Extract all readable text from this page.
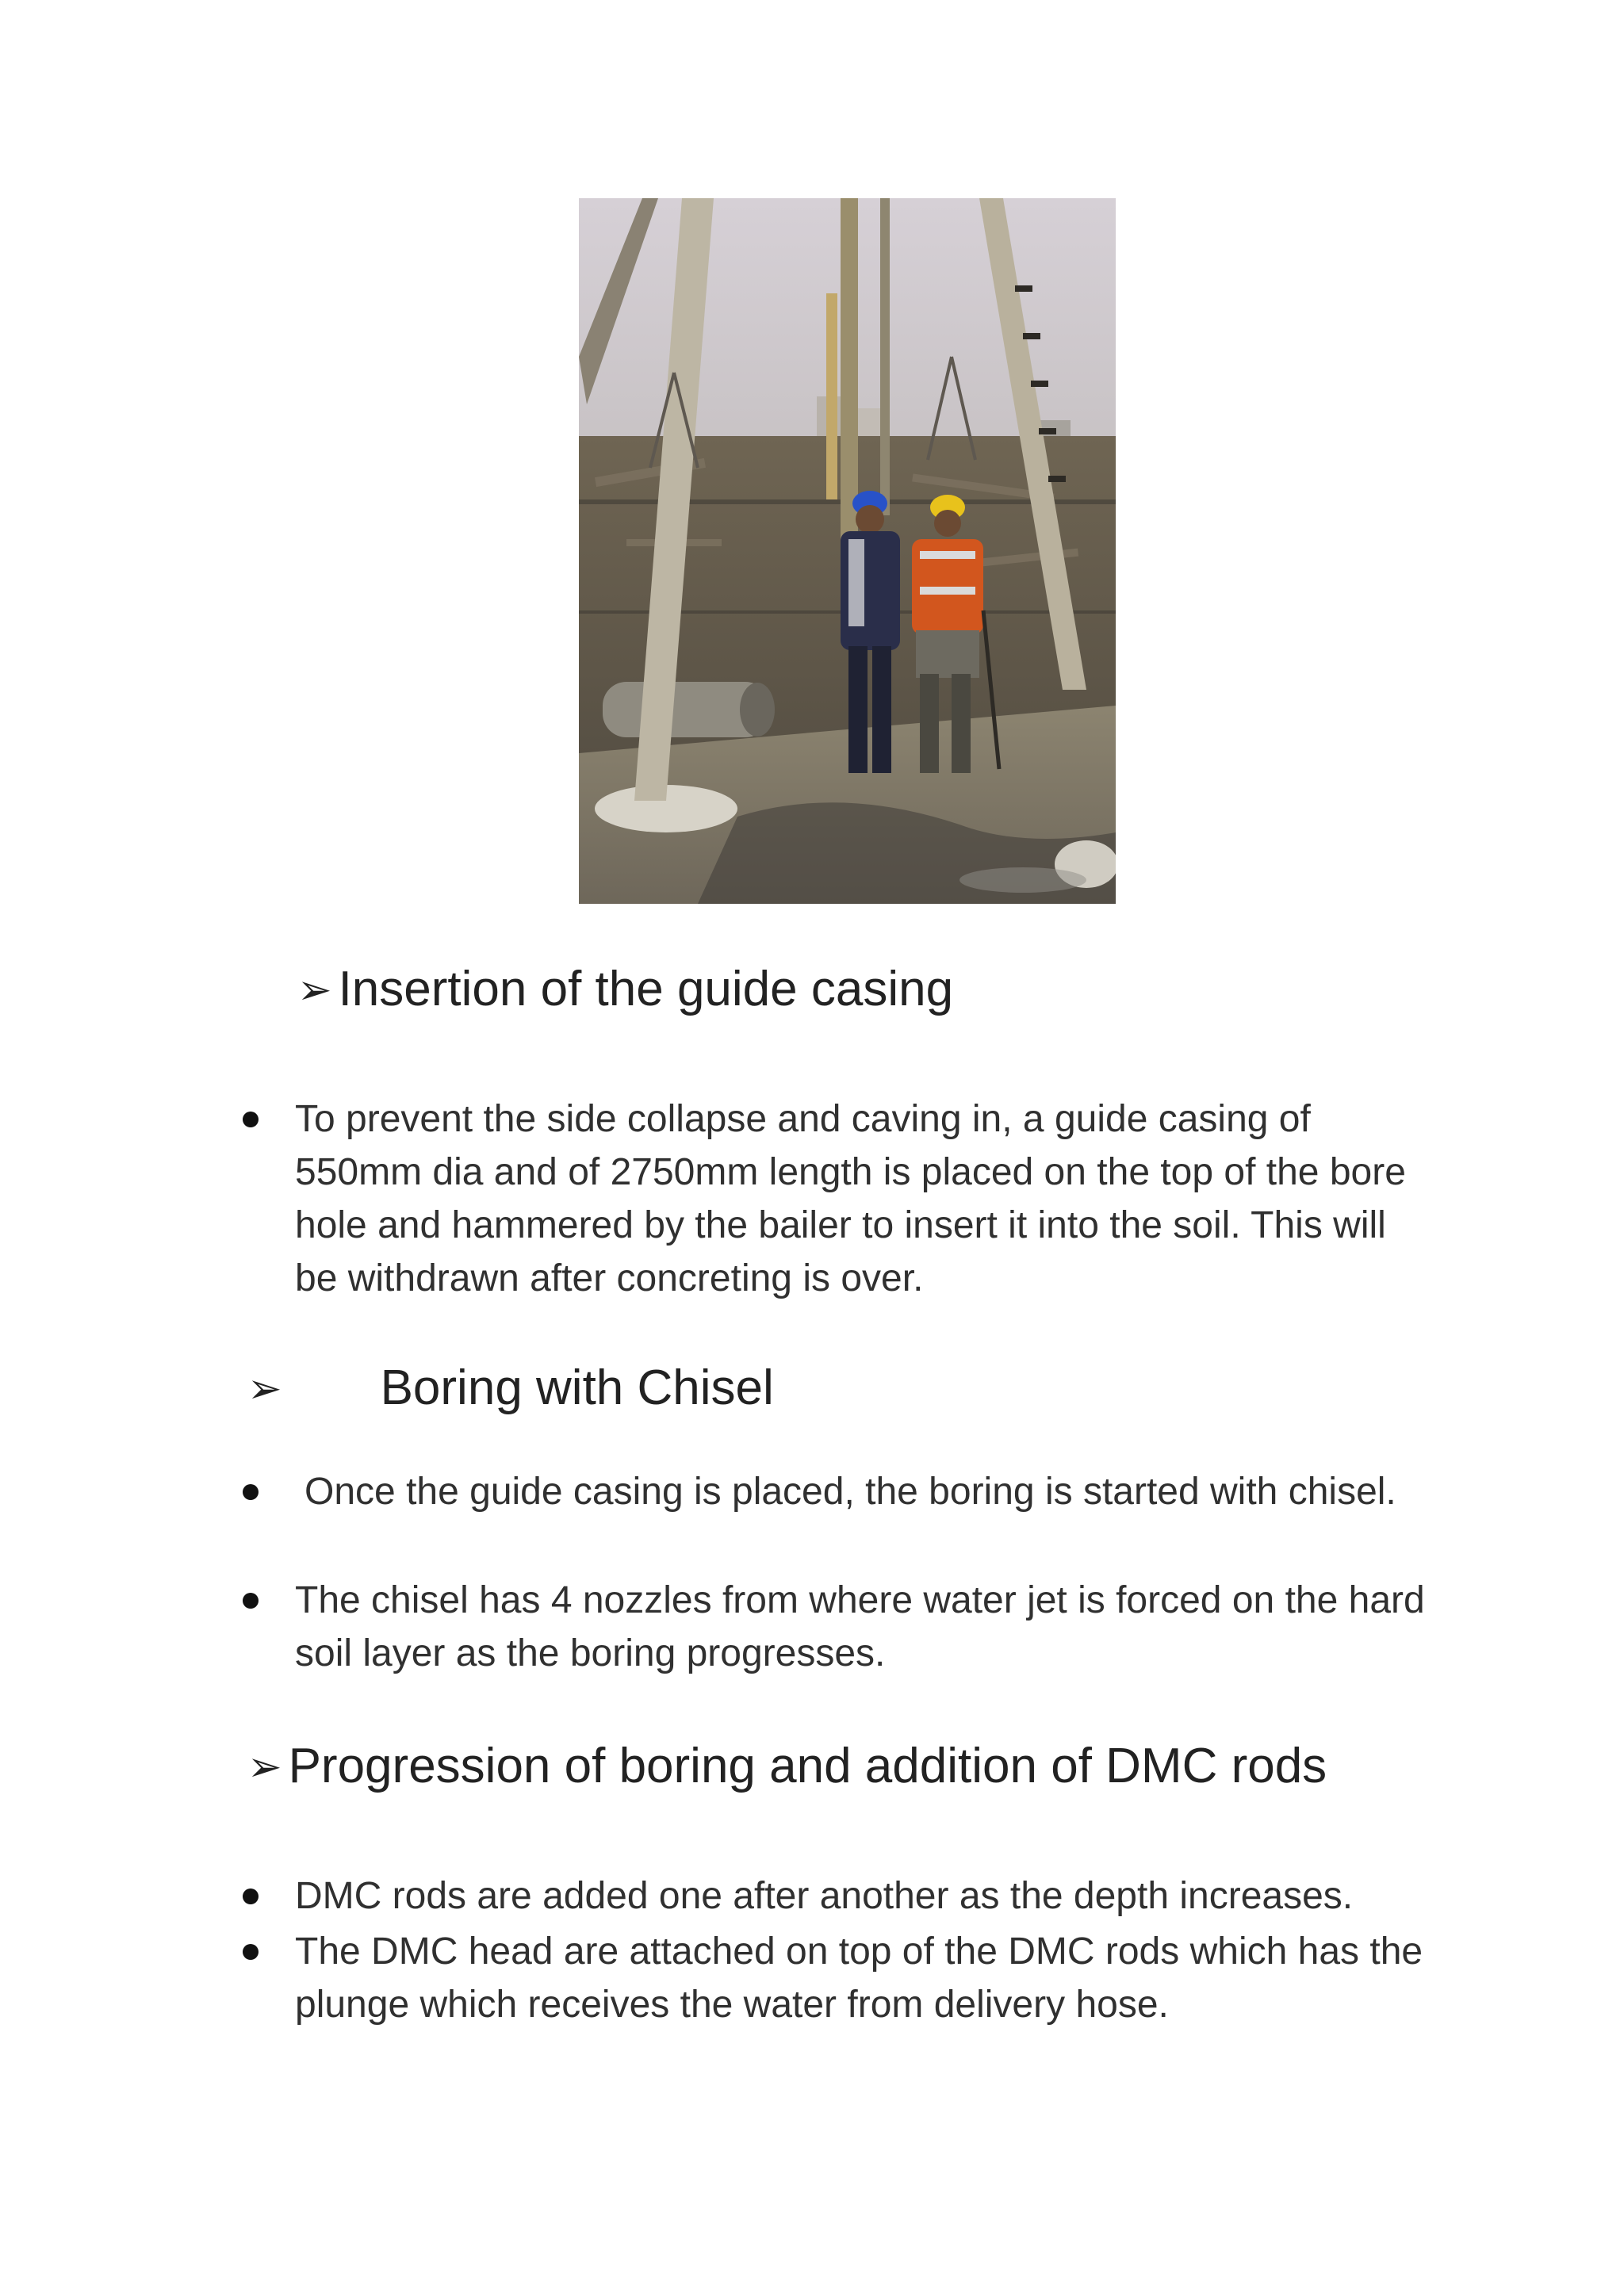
➢ Insertion of the guide casing
To prevent the side collapse and caving in, a guide casing of 550mm dia and of 2750mm length is placed on the top of the bore hole and hammered by the bailer to insert it into the soil. This will be withdrawn after concreting is over.
➢ Boring with Chisel
Once the guide casing is placed, the boring is started with chisel.
The chisel has 4 nozzles from where water jet is forced on the hard soil layer as the boring progresses.
➢ Progression of boring and addition of DMC rods
DMC rods are added one after another as the depth increases.
The DMC head are attached on top of the DMC rods which has the plunge which receives the water from delivery hose.
